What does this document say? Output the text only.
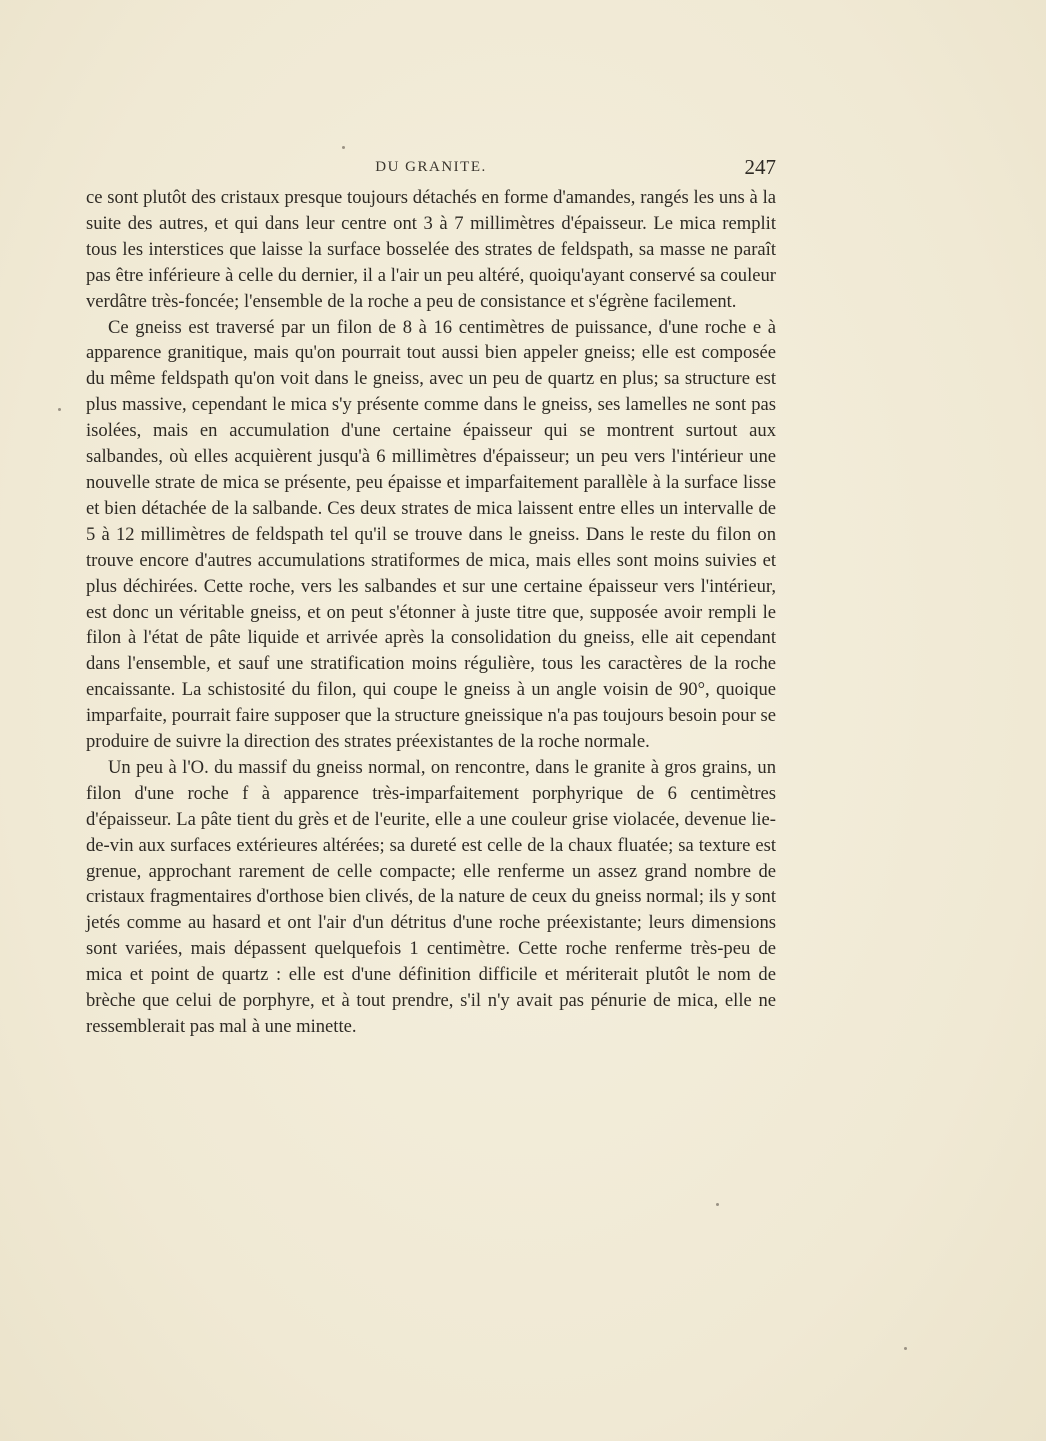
DU GRANITE.	247

ce sont plutôt des cristaux presque toujours détachés en forme d'amandes, rangés les uns à la suite des autres, et qui dans leur centre ont 3 à 7 millimètres d'épaisseur. Le mica remplit tous les interstices que laisse la surface bosselée des strates de feldspath, sa masse ne paraît pas être inférieure à celle du dernier, il a l'air un peu altéré, quoiqu'ayant conservé sa couleur verdâtre très-foncée; l'ensemble de la roche a peu de consistance et s'égrène facilement.

Ce gneiss est traversé par un filon de 8 à 16 centimètres de puissance, d'une roche e à apparence granitique, mais qu'on pourrait tout aussi bien appeler gneiss; elle est composée du même feldspath qu'on voit dans le gneiss, avec un peu de quartz en plus; sa structure est plus massive, cependant le mica s'y présente comme dans le gneiss, ses lamelles ne sont pas isolées, mais en accumulation d'une certaine épaisseur qui se montrent surtout aux salbandes, où elles acquièrent jusqu'à 6 millimètres d'épaisseur; un peu vers l'intérieur une nouvelle strate de mica se présente, peu épaisse et imparfaitement parallèle à la surface lisse et bien détachée de la salbande. Ces deux strates de mica laissent entre elles un intervalle de 5 à 12 millimètres de feldspath tel qu'il se trouve dans le gneiss. Dans le reste du filon on trouve encore d'autres accumulations stratiformes de mica, mais elles sont moins suivies et plus déchirées. Cette roche, vers les salbandes et sur une certaine épaisseur vers l'intérieur, est donc un véritable gneiss, et on peut s'étonner à juste titre que, supposée avoir rempli le filon à l'état de pâte liquide et arrivée après la consolidation du gneiss, elle ait cependant dans l'ensemble, et sauf une stratification moins régulière, tous les caractères de la roche encaissante. La schistosité du filon, qui coupe le gneiss à un angle voisin de 90°, quoique imparfaite, pourrait faire supposer que la structure gneissique n'a pas toujours besoin pour se produire de suivre la direction des strates préexistantes de la roche normale.

Un peu à l'O. du massif du gneiss normal, on rencontre, dans le granite à gros grains, un filon d'une roche f à apparence très-imparfaitement porphyrique de 6 centimètres d'épaisseur. La pâte tient du grès et de l'eurite, elle a une couleur grise violacée, devenue lie-de-vin aux surfaces extérieures altérées; sa dureté est celle de la chaux fluatée; sa texture est grenue, approchant rarement de celle compacte; elle renferme un assez grand nombre de cristaux fragmentaires d'orthose bien clivés, de la nature de ceux du gneiss normal; ils y sont jetés comme au hasard et ont l'air d'un détritus d'une roche préexistante; leurs dimensions sont variées, mais dépassent quelquefois 1 centimètre. Cette roche renferme très-peu de mica et point de quartz : elle est d'une définition difficile et mériterait plutôt le nom de brèche que celui de porphyre, et à tout prendre, s'il n'y avait pas pénurie de mica, elle ne ressemblerait pas mal à une minette.
